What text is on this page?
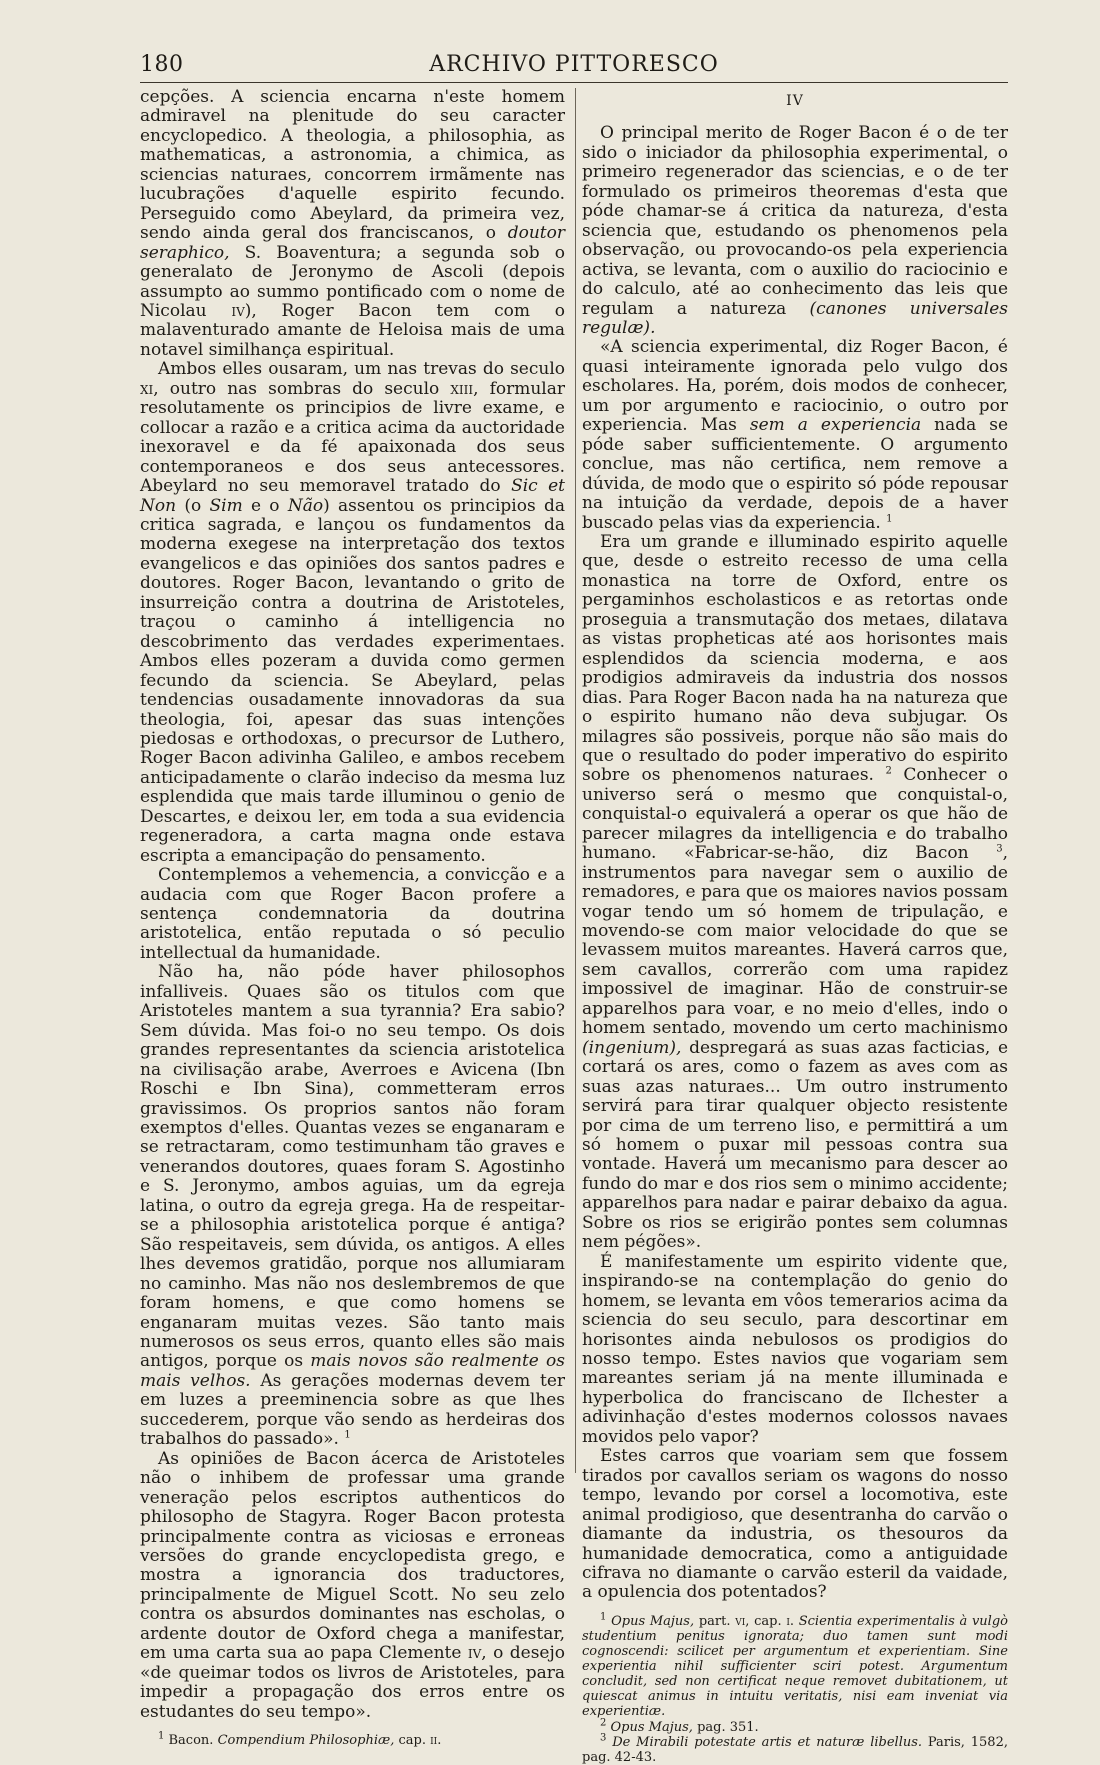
180	ARCHIVO PITTORESCO

cepções. A sciencia encarna n'este homem admiravel na plenitude do seu caracter encyclopedico. A theologia, a philosophia, as mathematicas, a astronomia, a chimica, as sciencias naturaes, concorrem irmãmente nas lucubrações d'aquelle espirito fecundo. Perseguido como Abeylard, da primeira vez, sendo ainda geral dos franciscanos, o doutor seraphico, S. Boaventura; a segunda sob o generalato de Jeronymo de Ascoli (depois assumpto ao summo pontificado com o nome de Nicolau iv), Roger Bacon tem com o malaventurado amante de Heloisa mais de uma notavel similhança espiritual.

Ambos elles ousaram, um nas trevas do seculo xi, outro nas sombras do seculo xiii, formular resolutamente os principios de livre exame, e collocar a razão e a critica acima da auctoridade inexoravel e da fé apaixonada dos seus contemporaneos e dos seus antecessores. Abeylard no seu memoravel tratado do Sic et Non (o Sim e o Não) assentou os principios da critica sagrada, e lançou os fundamentos da moderna exegese na interpretação dos textos evangelicos e das opiniões dos santos padres e doutores. Roger Bacon, levantando o grito de insurreição contra a doutrina de Aristoteles, traçou o caminho á intelligencia no descobrimento das verdades experimentaes. Ambos elles pozeram a duvida como germen fecundo da sciencia. Se Abeylard, pelas tendencias ousadamente innovadoras da sua theologia, foi, apesar das suas intenções piedosas e orthodoxas, o precursor de Luthero, Roger Bacon adivinha Galileo, e ambos recebem anticipadamente o clarão indeciso da mesma luz esplendida que mais tarde illuminou o genio de Descartes, e deixou ler, em toda a sua evidencia regeneradora, a carta magna onde estava escripta a emancipação do pensamento.

Contemplemos a vehemencia, a convicção e a audacia com que Roger Bacon profere a sentença condemnatoria da doutrina aristotelica, então reputada o só peculio intellectual da humanidade.

Não ha, não póde haver philosophos infalliveis. Quaes são os titulos com que Aristoteles mantem a sua tyrannia? Era sabio? Sem dúvida. Mas foi-o no seu tempo. Os dois grandes representantes da sciencia aristotelica na civilisação arabe, Averroes e Avicena (Ibn Roschi e Ibn Sina), commetteram erros gravissimos. Os proprios santos não foram exemptos d'elles. Quantas vezes se enganaram e se retractaram, como testimunham tão graves e venerandos doutores, quaes foram S. Agostinho e S. Jeronymo, ambos aguias, um da egreja latina, o outro da egreja grega. Ha de respeitar-se a philosophia aristotelica porque é antiga? São respeitaveis, sem dúvida, os antigos. A elles lhes devemos gratidão, porque nos allumiaram no caminho. Mas não nos deslembremos de que foram homens, e que como homens se enganaram muitas vezes. São tanto mais numerosos os seus erros, quanto elles são mais antigos, porque os mais novos são realmente os mais velhos. As gerações modernas devem ter em luzes a preeminencia sobre as que lhes succederem, porque vão sendo as herdeiras dos trabalhos do passado». $^1$

As opiniões de Bacon ácerca de Aristoteles não o inhibem de professar uma grande veneração pelos escriptos authenticos do philosopho de Stagyra. Roger Bacon protesta principalmente contra as viciosas e erroneas versões do grande encyclopedista grego, e mostra a ignorancia dos traductores, principalmente de Miguel Scott. No seu zelo contra os absurdos dominantes nas escholas, o ardente doutor de Oxford chega a manifestar, em uma carta sua ao papa Clemente iv, o desejo «de queimar todos os livros de Aristoteles, para impedir a propagação dos erros entre os estudantes do seu tempo».

$^1$ Bacon. Compendium Philosophiæ, cap. ii.

IV

O principal merito de Roger Bacon é o de ter sido o iniciador da philosophia experimental, o primeiro regenerador das sciencias, e o de ter formulado os primeiros theoremas d'esta que póde chamar-se á critica da natureza, d'esta sciencia que, estudando os phenomenos pela observação, ou provocando-os pela experiencia activa, se levanta, com o auxilio do raciocinio e do calculo, até ao conhecimento das leis que regulam a natureza (canones universales regulæ).

«A sciencia experimental, diz Roger Bacon, é quasi inteiramente ignorada pelo vulgo dos escholares. Ha, porém, dois modos de conhecer, um por argumento e raciocinio, o outro por experiencia. Mas sem a experiencia nada se póde saber sufficientemente. O argumento conclue, mas não certifica, nem remove a dúvida, de modo que o espirito só póde repousar na intuição da verdade, depois de a haver buscado pelas vias da experiencia. $^1$

Era um grande e illuminado espirito aquelle que, desde o estreito recesso de uma cella monastica na torre de Oxford, entre os pergaminhos escholasticos e as retortas onde proseguia a transmutação dos metaes, dilatava as vistas propheticas até aos horisontes mais esplendidos da sciencia moderna, e aos prodigios admiraveis da industria dos nossos dias. Para Roger Bacon nada ha na natureza que o espirito humano não deva subjugar. Os milagres são possiveis, porque não são mais do que o resultado do poder imperativo do espirito sobre os phenomenos naturaes. $^2$ Conhecer o universo será o mesmo que conquistal-o, conquistal-o equivalerá a operar os que hão de parecer milagres da intelligencia e do trabalho humano. «Fabricar-se-hão, diz Bacon $^3$, instrumentos para navegar sem o auxilio de remadores, e para que os maiores navios possam vogar tendo um só homem de tripulação, e movendo-se com maior velocidade do que se levassem muitos mareantes. Haverá carros que, sem cavallos, correrão com uma rapidez impossivel de imaginar. Hão de construir-se apparelhos para voar, e no meio d'elles, indo o homem sentado, movendo um certo machinismo (ingenium), despregará as suas azas facticias, e cortará os ares, como o fazem as aves com as suas azas naturaes... Um outro instrumento servirá para tirar qualquer objecto resistente por cima de um terreno liso, e permittirá a um só homem o puxar mil pessoas contra sua vontade. Haverá um mecanismo para descer ao fundo do mar e dos rios sem o minimo accidente; apparelhos para nadar e pairar debaixo da agua. Sobre os rios se erigirão pontes sem columnas nem pégões».

É manifestamente um espirito vidente que, inspirando-se na contemplação do genio do homem, se levanta em vôos temerarios acima da sciencia do seu seculo, para descortinar em horisontes ainda nebulosos os prodigios do nosso tempo. Estes navios que vogariam sem mareantes seriam já na mente illuminada e hyperbolica do franciscano de Ilchester a adivinhação d'estes modernos colossos navaes movidos pelo vapor?

Estes carros que voariam sem que fossem tirados por cavallos seriam os wagons do nosso tempo, levando por corsel a locomotiva, este animal prodigioso, que desentranha do carvão o diamante da industria, os thesouros da humanidade democratica, como a antiguidade cifrava no diamante o carvão esteril da vaidade, a opulencia dos potentados?

$^1$ Opus Majus, part. vi, cap. i. Scientia experimentalis à vulgò studentium penitus ignorata; duo tamen sunt modi cognoscendi: scilicet per argumentum et experientiam. Sine experientia nihil sufficienter sciri potest. Argumentum concludit, sed non certificat neque removet dubitationem, ut quiescat animus in intuitu veritatis, nisi eam inveniat via experientiæ.

$^2$ Opus Majus, pag. 351.

$^3$ De Mirabili potestate artis et naturæ libellus. Paris, 1582, pag. 42-43.
